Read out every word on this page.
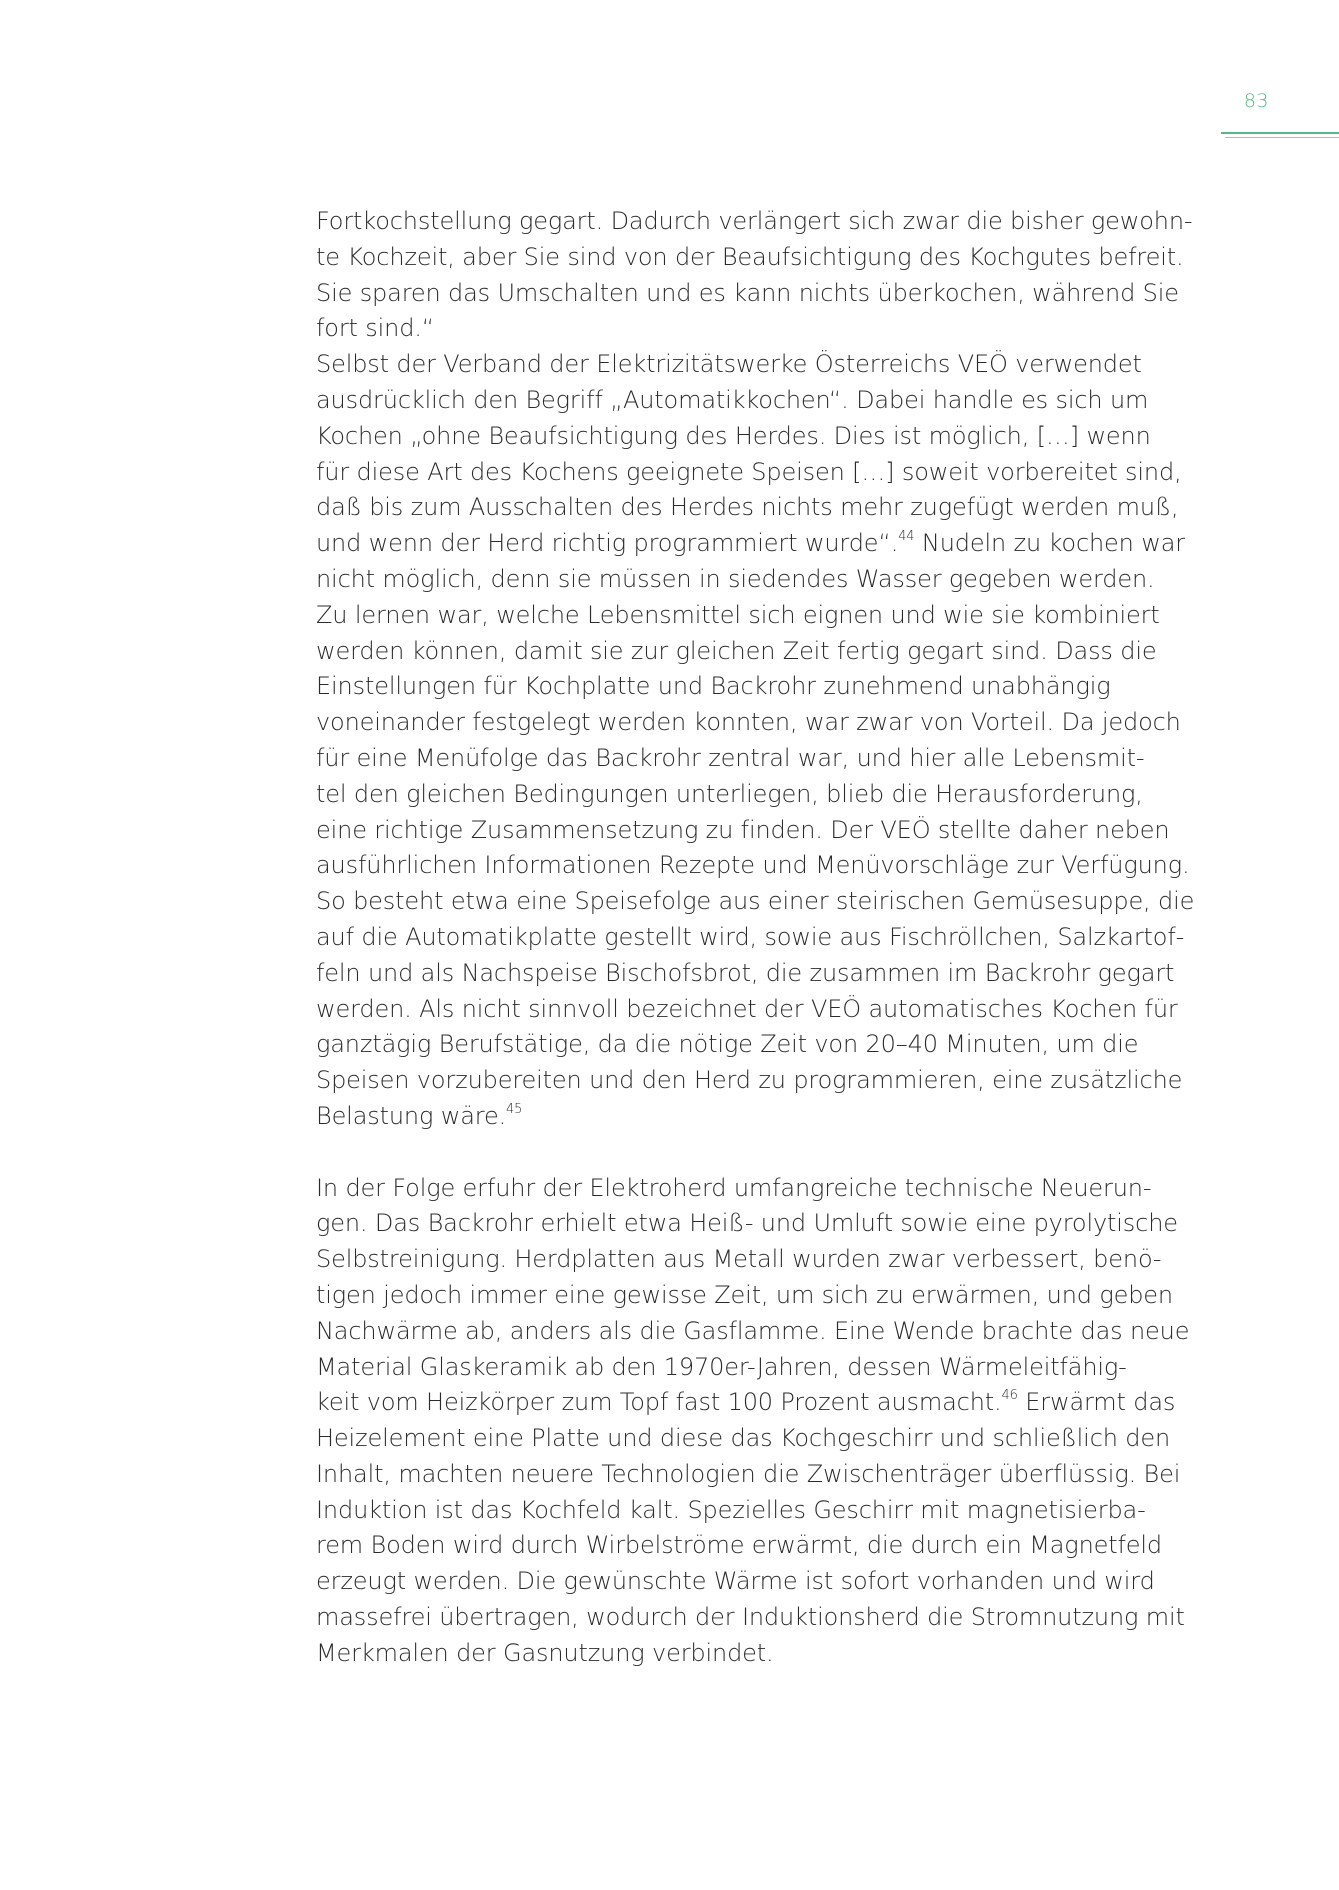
83

Fortkochstellung gegart. Dadurch verlängert sich zwar die bisher gewohn-
te Kochzeit, aber Sie sind von der Beaufsichtigung des Kochgutes befreit.
Sie sparen das Umschalten und es kann nichts überkochen, während Sie
fort sind.“
Selbst der Verband der Elektrizitätswerke Österreichs VEÖ verwendet
ausdrücklich den Begriff „Automatikkochen“. Dabei handle es sich um
Kochen „ohne Beaufsichtigung des Herdes. Dies ist möglich, […] wenn
für diese Art des Kochens geeignete Speisen […] soweit vorbereitet sind,
daß bis zum Ausschalten des Herdes nichts mehr zugefügt werden muß,
und wenn der Herd richtig programmiert wurde“.$^{44}$ Nudeln zu kochen war
nicht möglich, denn sie müssen in siedendes Wasser gegeben werden.
Zu lernen war, welche Lebensmittel sich eignen und wie sie kombiniert
werden können, damit sie zur gleichen Zeit fertig gegart sind. Dass die
Einstellungen für Kochplatte und Backrohr zunehmend unabhängig
voneinander festgelegt werden konnten, war zwar von Vorteil. Da jedoch
für eine Menüfolge das Backrohr zentral war, und hier alle Lebensmit-
tel den gleichen Bedingungen unterliegen, blieb die Herausforderung,
eine richtige Zusammensetzung zu finden. Der VEÖ stellte daher neben
ausführlichen Informationen Rezepte und Menüvorschläge zur Verfügung.
So besteht etwa eine Speisefolge aus einer steirischen Gemüsesuppe, die
auf die Automatikplatte gestellt wird, sowie aus Fischröllchen, Salzkartof-
feln und als Nachspeise Bischofsbrot, die zusammen im Backrohr gegart
werden. Als nicht sinnvoll bezeichnet der VEÖ automatisches Kochen für
ganztägig Berufstätige, da die nötige Zeit von 20–40 Minuten, um die
Speisen vorzubereiten und den Herd zu programmieren, eine zusätzliche
Belastung wäre.$^{45}$

In der Folge erfuhr der Elektroherd umfangreiche technische Neuerun-
gen. Das Backrohr erhielt etwa Heiß- und Umluft sowie eine pyrolytische
Selbstreinigung. Herdplatten aus Metall wurden zwar verbessert, benö-
tigen jedoch immer eine gewisse Zeit, um sich zu erwärmen, und geben
Nachwärme ab, anders als die Gasflamme. Eine Wende brachte das neue
Material Glaskeramik ab den 1970er-Jahren, dessen Wärmeleitfähig-
keit vom Heizkörper zum Topf fast 100 Prozent ausmacht.$^{46}$ Erwärmt das
Heizelement eine Platte und diese das Kochgeschirr und schließlich den
Inhalt, machten neuere Technologien die Zwischenträger überflüssig. Bei
Induktion ist das Kochfeld kalt. Spezielles Geschirr mit magnetisierba-
rem Boden wird durch Wirbelströme erwärmt, die durch ein Magnetfeld
erzeugt werden. Die gewünschte Wärme ist sofort vorhanden und wird
massefrei übertragen, wodurch der Induktionsherd die Stromnutzung mit
Merkmalen der Gasnutzung verbindet.
